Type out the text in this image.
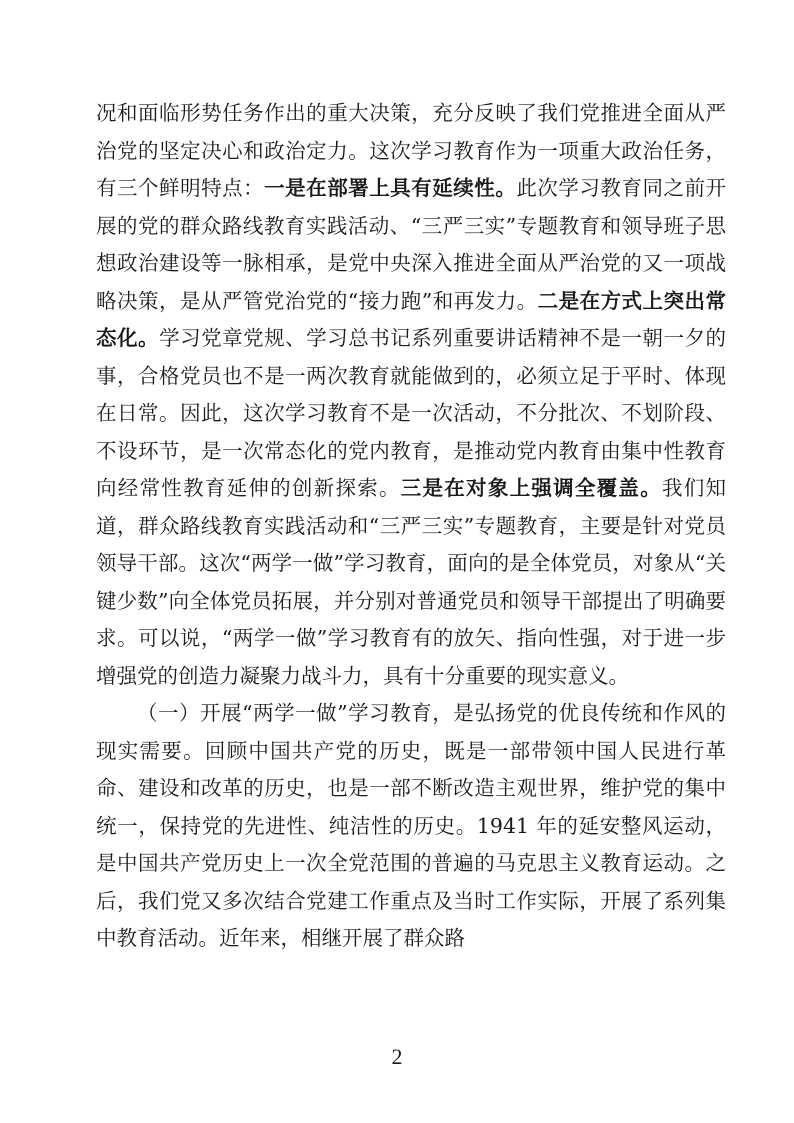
况和面临形势任务作出的重大决策，充分反映了我们党推进全面从严治党的坚定决心和政治定力。这次学习教育作为一项重大政治任务，有三个鲜明特点：一是在部署上具有延续性。此次学习教育同之前开展的党的群众路线教育实践活动、“三严三实”专题教育和领导班子思想政治建设等一脉相承，是党中央深入推进全面从严治党的又一项战略决策，是从严管党治党的“接力跑”和再发力。二是在方式上突出常态化。学习党章党规、学习总书记系列重要讲话精神不是一朝一夕的事，合格党员也不是一两次教育就能做到的，必须立足于平时、体现在日常。因此，这次学习教育不是一次活动，不分批次、不划阶段、不设环节，是一次常态化的党内教育，是推动党内教育由集中性教育向经常性教育延伸的创新探索。三是在对象上强调全覆盖。我们知道，群众路线教育实践活动和“三严三实”专题教育，主要是针对党员领导干部。这次“两学一做”学习教育，面向的是全体党员，对象从“关键少数”向全体党员拓展，并分别对普通党员和领导干部提出了明确要求。可以说，“两学一做”学习教育有的放矢、指向性强，对于进一步增强党的创造力凝聚力战斗力，具有十分重要的现实意义。

（一）开展“两学一做”学习教育，是弘扬党的优良传统和作风的现实需要。回顾中国共产党的历史，既是一部带领中国人民进行革命、建设和改革的历史，也是一部不断改造主观世界，维护党的集中统一，保持党的先进性、纯洁性的历史。1941 年的延安整风运动，是中国共产党历史上一次全党范围的普遍的马克思主义教育运动。之后，我们党又多次结合党建工作重点及当时工作实际，开展了系列集中教育活动。近年来，相继开展了群众路

2
